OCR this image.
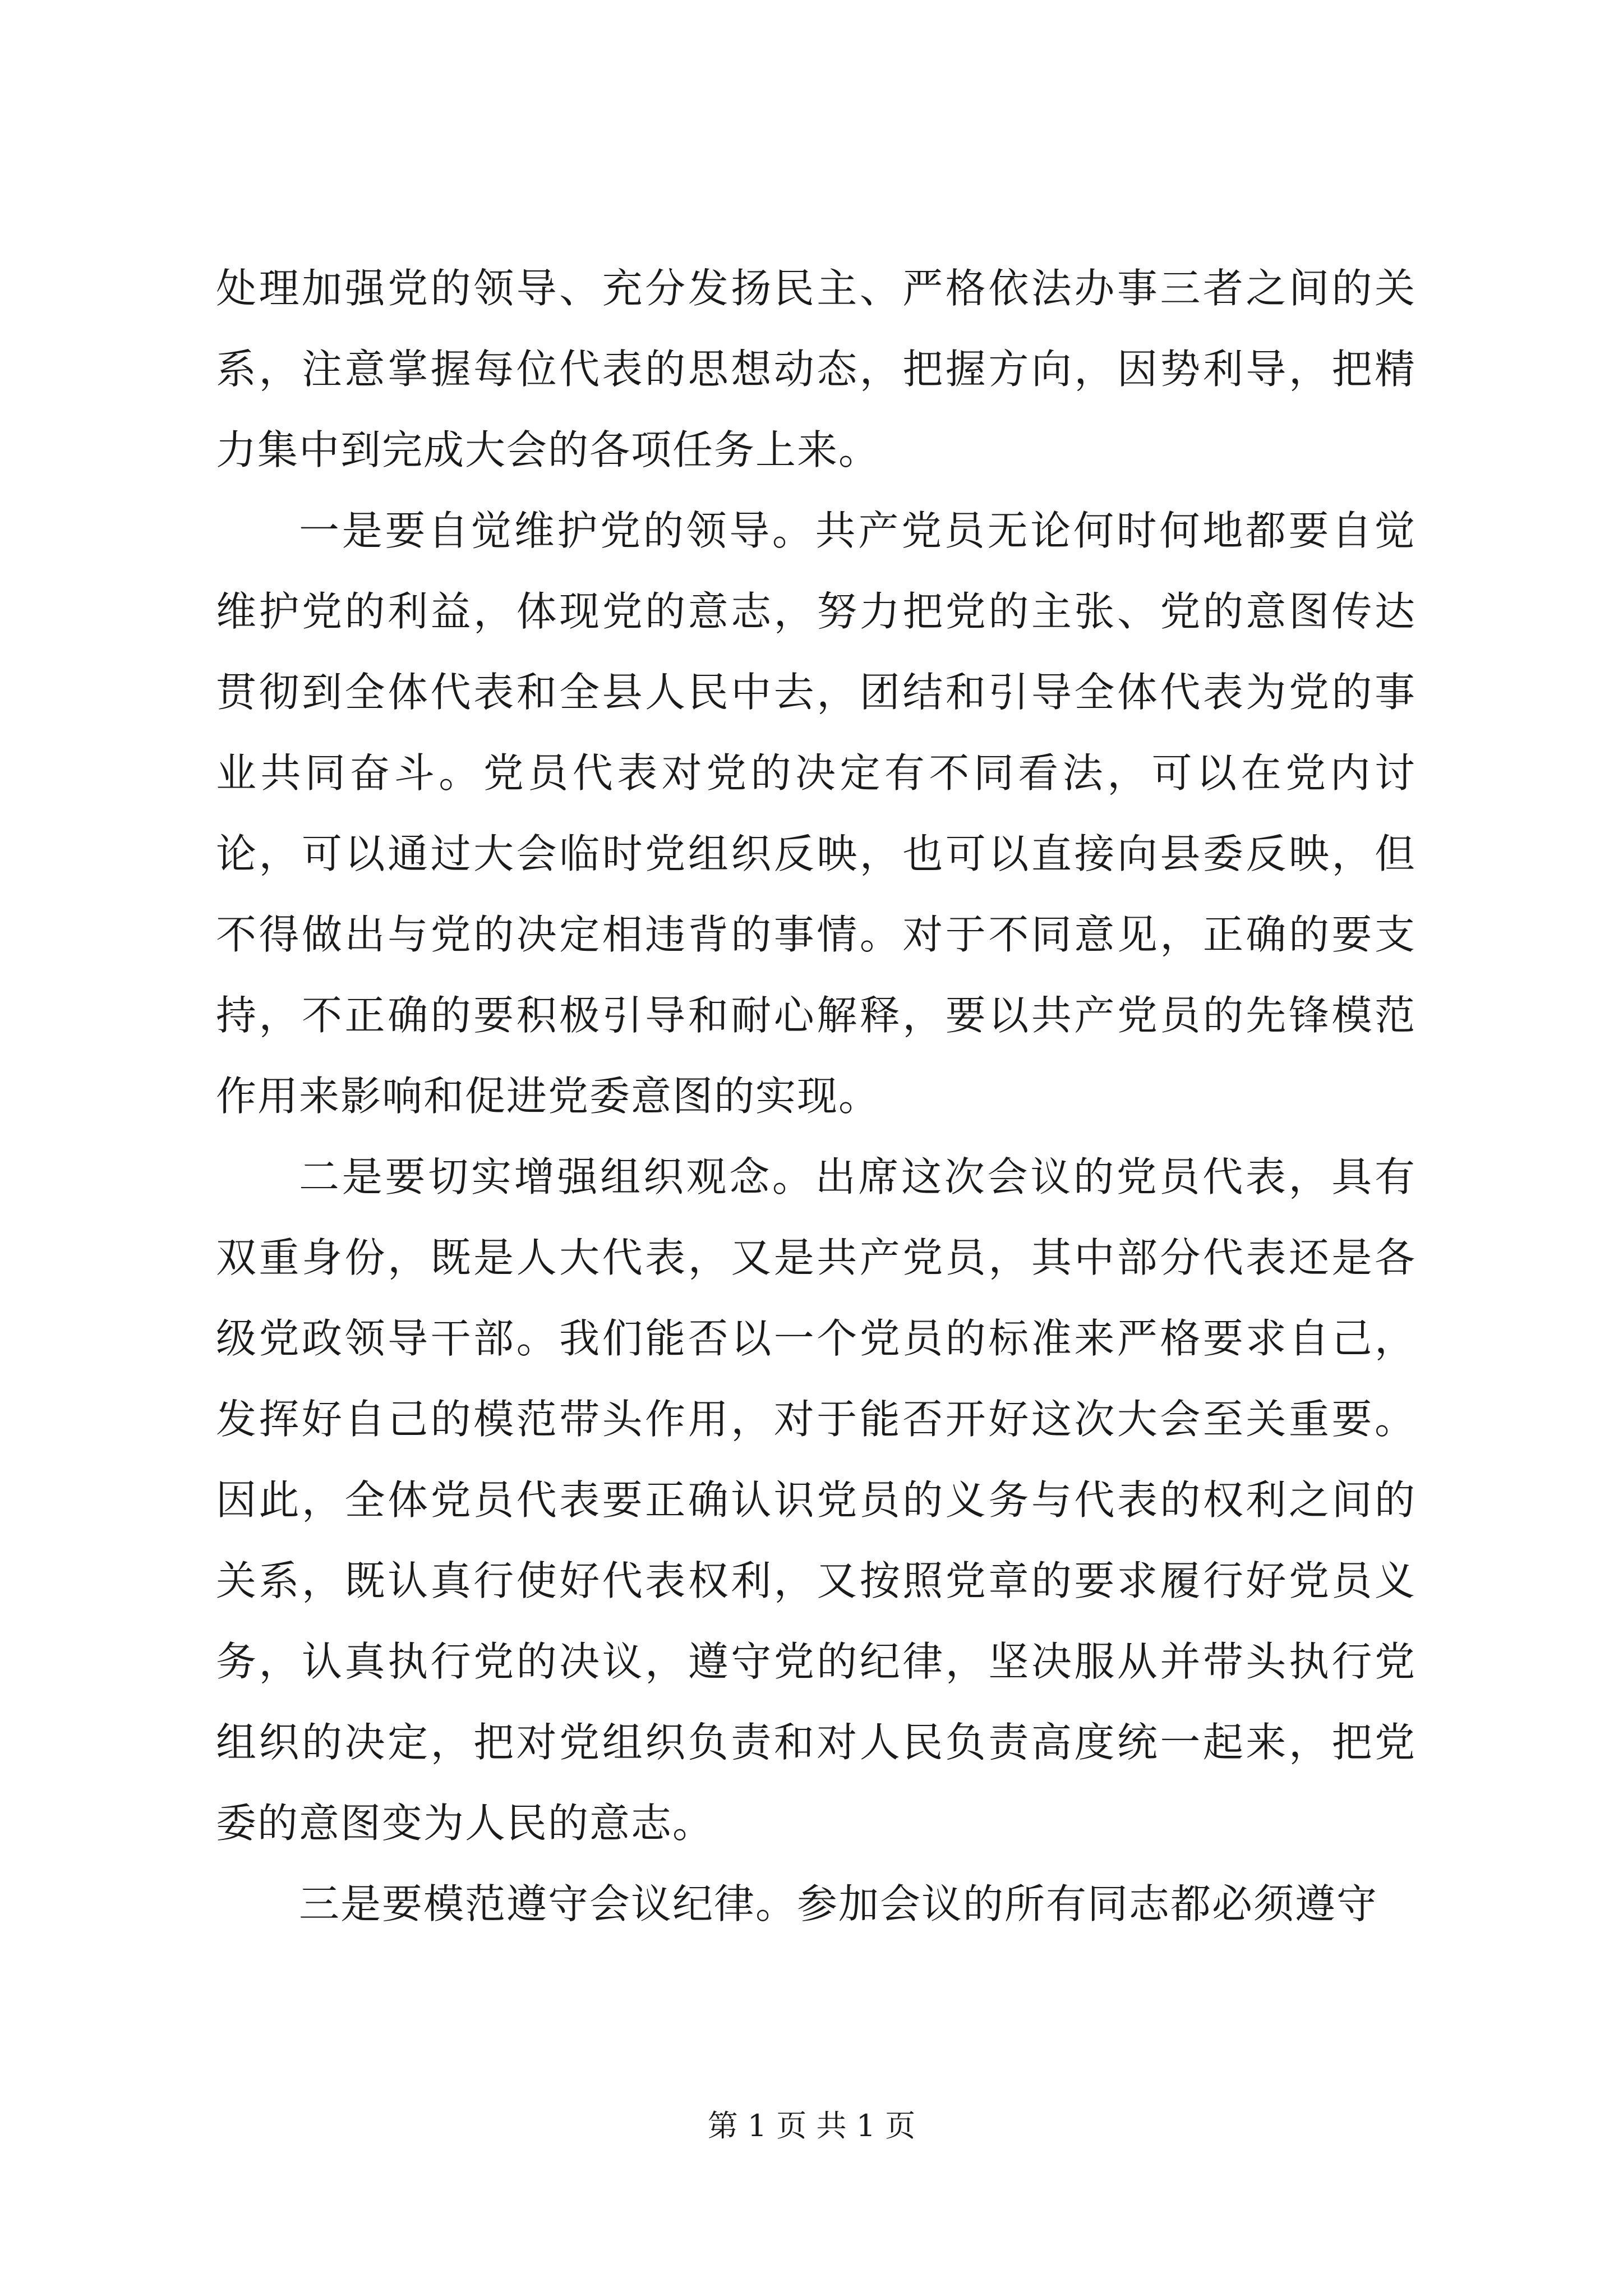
处理加强党的领导、充分发扬民主、严格依法办事三者之间的关系，注意掌握每位代表的思想动态，把握方向，因势利导，把精力集中到完成大会的各项任务上来。

一是要自觉维护党的领导。共产党员无论何时何地都要自觉维护党的利益，体现党的意志，努力把党的主张、党的意图传达贯彻到全体代表和全县人民中去，团结和引导全体代表为党的事业共同奋斗。党员代表对党的决定有不同看法，可以在党内讨论，可以通过大会临时党组织反映，也可以直接向县委反映，但不得做出与党的决定相违背的事情。对于不同意见，正确的要支持，不正确的要积极引导和耐心解释，要以共产党员的先锋模范作用来影响和促进党委意图的实现。

二是要切实增强组织观念。出席这次会议的党员代表，具有双重身份，既是人大代表，又是共产党员，其中部分代表还是各级党政领导干部。我们能否以一个党员的标准来严格要求自己，发挥好自己的模范带头作用，对于能否开好这次大会至关重要。因此，全体党员代表要正确认识党员的义务与代表的权利之间的关系，既认真行使好代表权利，又按照党章的要求履行好党员义务，认真执行党的决议，遵守党的纪律，坚决服从并带头执行党组织的决定，把对党组织负责和对人民负责高度统一起来，把党委的意图变为人民的意志。

三是要模范遵守会议纪律。参加会议的所有同志都必须遵守

第 1 页 共 1 页
